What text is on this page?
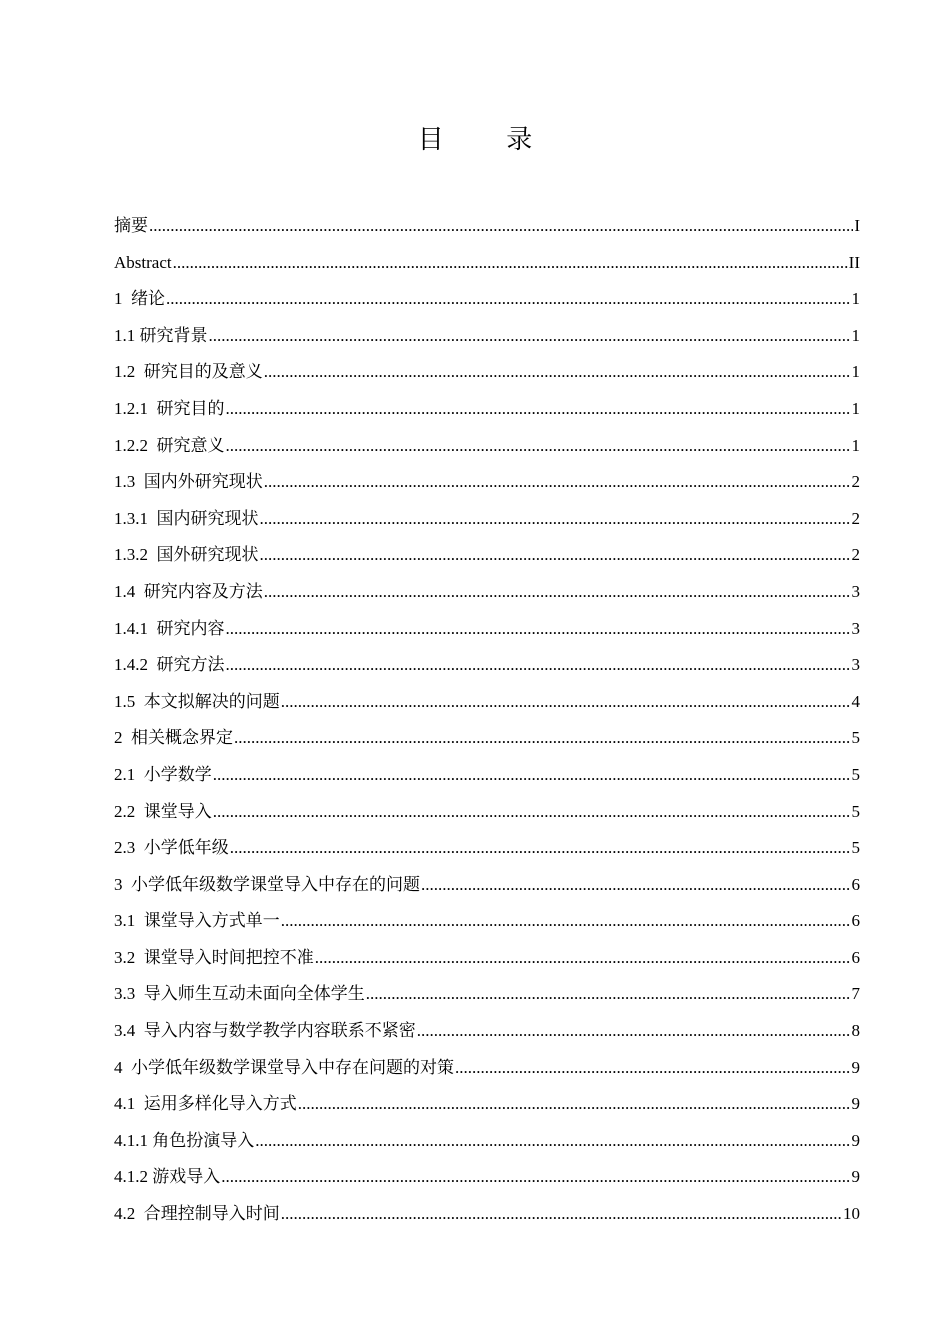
目 录
摘要 .....	I
Abstract .....	II
1  绪论 .....	1
1.1 研究背景 .....	1
1.2  研究目的及意义 .....	1
1.2.1  研究目的 .....	1
1.2.2  研究意义 .....	1
1.3  国内外研究现状 .....	2
1.3.1  国内研究现状 .....	2
1.3.2  国外研究现状 .....	2
1.4  研究内容及方法 .....	3
1.4.1  研究内容 .....	3
1.4.2  研究方法 .....	3
1.5  本文拟解决的问题 .....	4
2  相关概念界定 .....	5
2.1  小学数学 .....	5
2.2  课堂导入 .....	5
2.3  小学低年级 .....	5
3  小学低年级数学课堂导入中存在的问题 .....	6
3.1  课堂导入方式单一 .....	6
3.2  课堂导入时间把控不准 .....	6
3.3  导入师生互动未面向全体学生 .....	7
3.4  导入内容与数学教学内容联系不紧密 .....	8
4  小学低年级数学课堂导入中存在问题的对策 .....	9
4.1  运用多样化导入方式 .....	9
4.1.1 角色扮演导入 .....	9
4.1.2 游戏导入 .....	9
4.2  合理控制导入时间 .....	10
